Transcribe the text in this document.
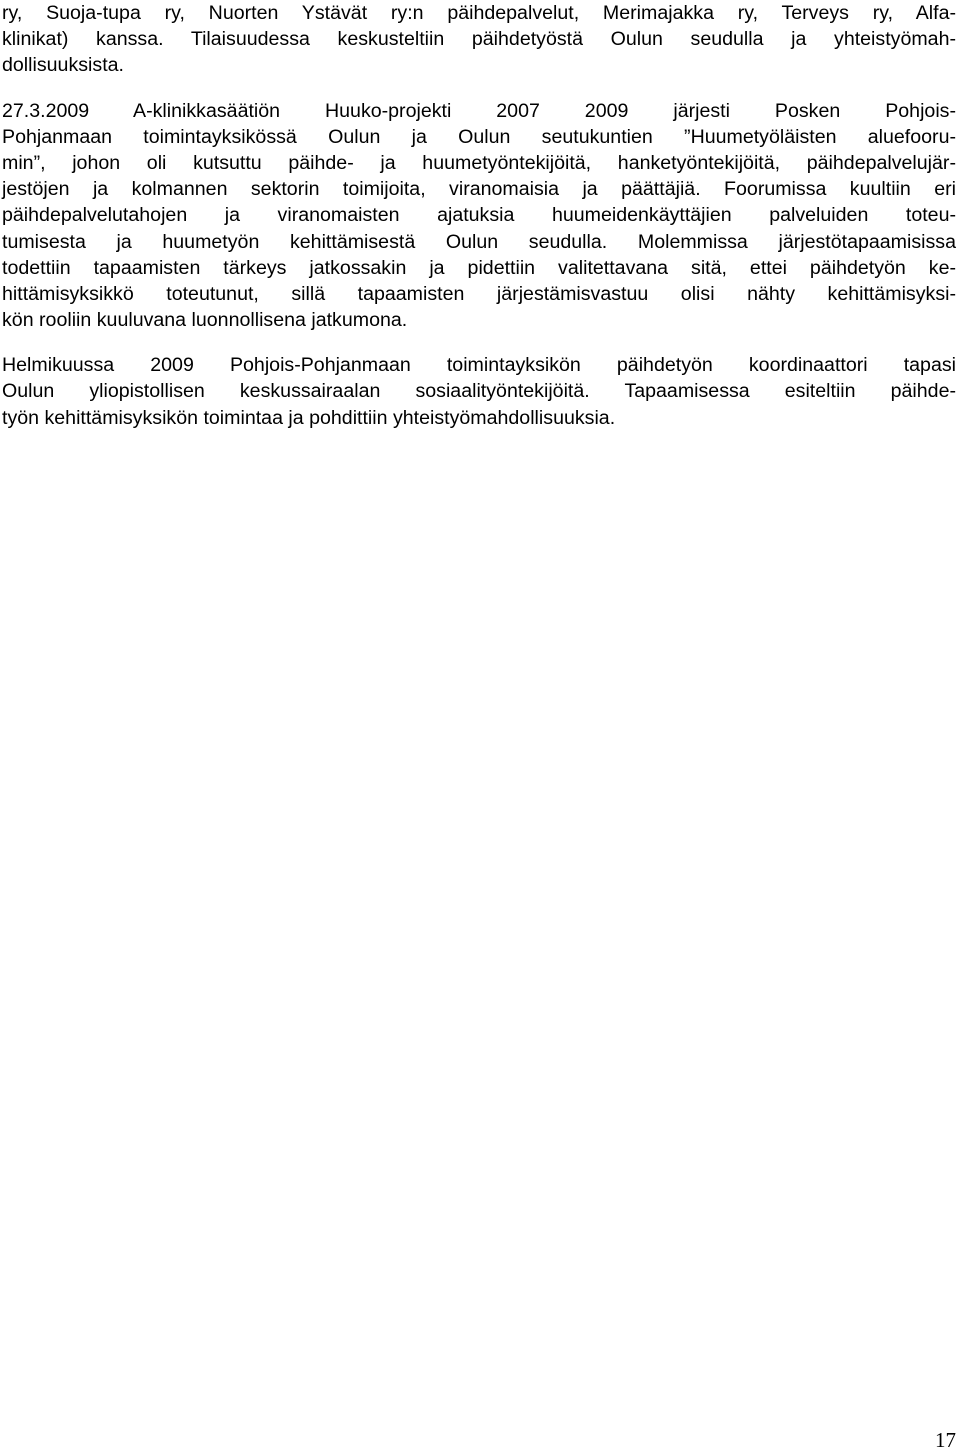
ry, Suoja-tupa ry, Nuorten Ystävät ry:n päihdepalvelut, Merimajakka ry, Terveys ry, Alfa-
klinikat) kanssa. Tilaisuudessa keskusteltiin päihdetyöstä Oulun seudulla ja yhteistyömah-
dollisuuksista.
27.3.2009 A-klinikkasäätiön Huuko-projekti 2007 2009 järjesti Posken Pohjois-
Pohjanmaan toimintayksikössä Oulun ja Oulun seutukuntien ”Huumetyöläisten aluefooru-
min”, johon oli kutsuttu päihde- ja huumetyöntekijöitä, hanketyöntekijöitä, päihdepalvelujär-
jestöjen ja kolmannen sektorin toimijoita, viranomaisia ja päättäjiä. Foorumissa kuultiin eri
päihdepalvelutahojen ja viranomaisten ajatuksia huumeidenkäyttäjien palveluiden toteu-
tumisesta ja huumetyön kehittämisestä Oulun seudulla. Molemmissa järjestötapaamisissa
todettiin tapaamisten tärkeys jatkossakin ja pidettiin valitettavana sitä, ettei päihdetyön ke-
hittämisyksikkö toteutunut, sillä tapaamisten järjestämisvastuu olisi nähty kehittämisyksi-
kön rooliin kuuluvana luonnollisena jatkumona.
Helmikuussa 2009 Pohjois-Pohjanmaan toimintayksikön päihdetyön koordinaattori tapasi
Oulun yliopistollisen keskussairaalan sosiaalityöntekijöitä. Tapaamisessa esiteltiin päihde-
työn kehittämisyksikön toimintaa ja pohdittiin yhteistyömahdollisuuksia.
17
